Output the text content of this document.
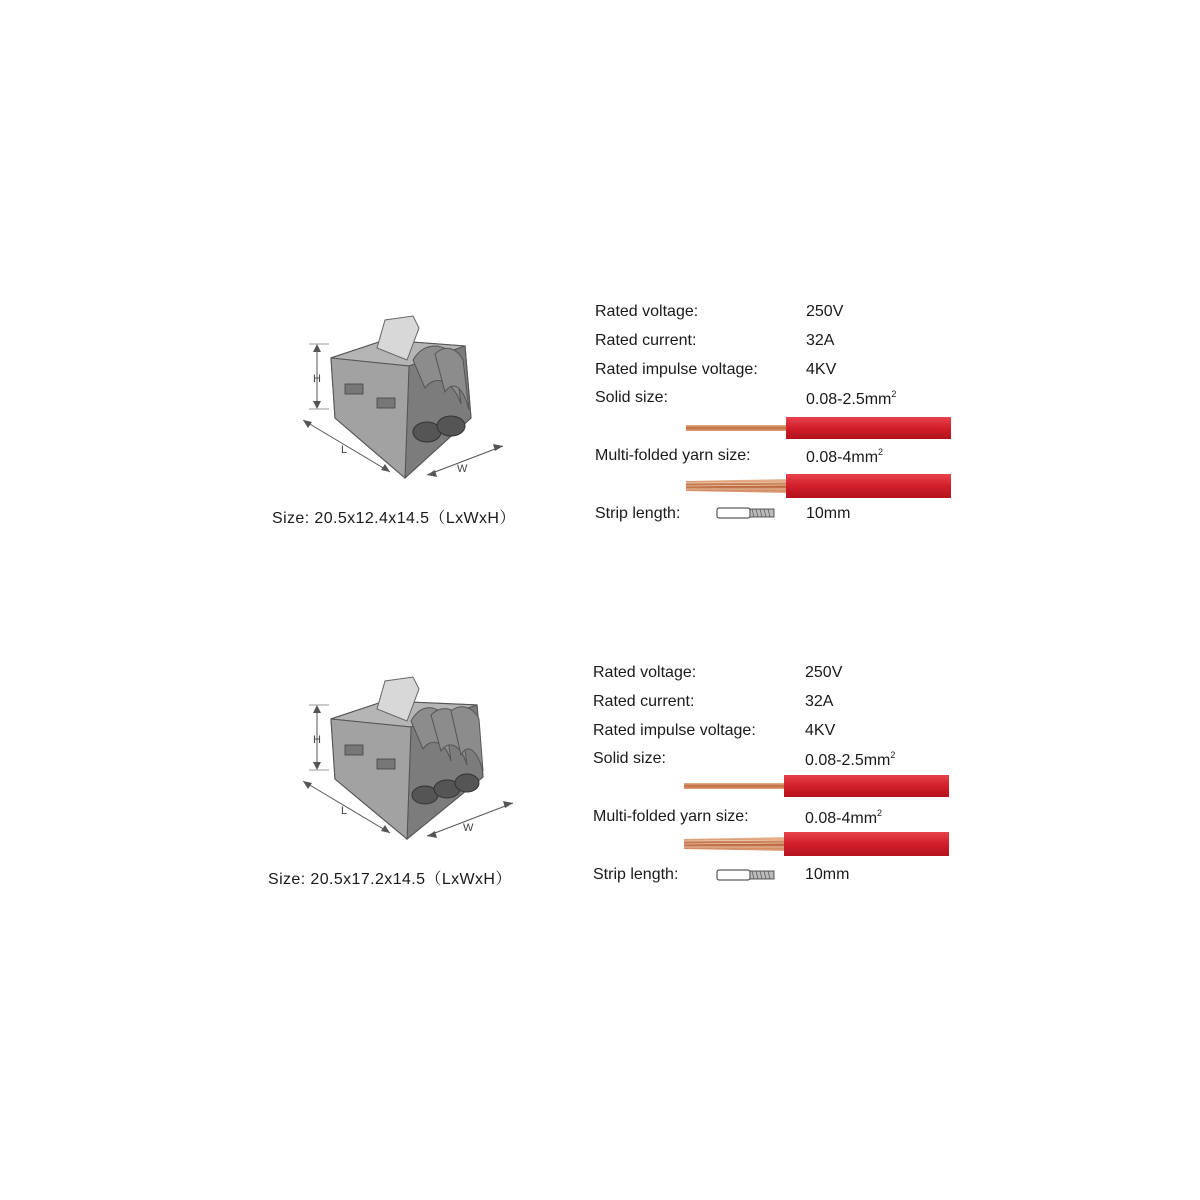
H
L
W
Size: 20.5x12.4x14.5（LxWxH）
Rated voltage:	250V
Rated current:	32A
Rated impulse voltage:	4KV
Solid size:	$0.08-2.5mm^2$
Multi-folded yarn size:	$0.08-4mm^2$
Strip length:	10mm
H
L
W
Size: 20.5x17.2x14.5（LxWxH）
Rated voltage:	250V
Rated current:	32A
Rated impulse voltage:	4KV
Solid size:	$0.08-2.5mm^2$
Multi-folded yarn size:	$0.08-4mm^2$
Strip length:	10mm
